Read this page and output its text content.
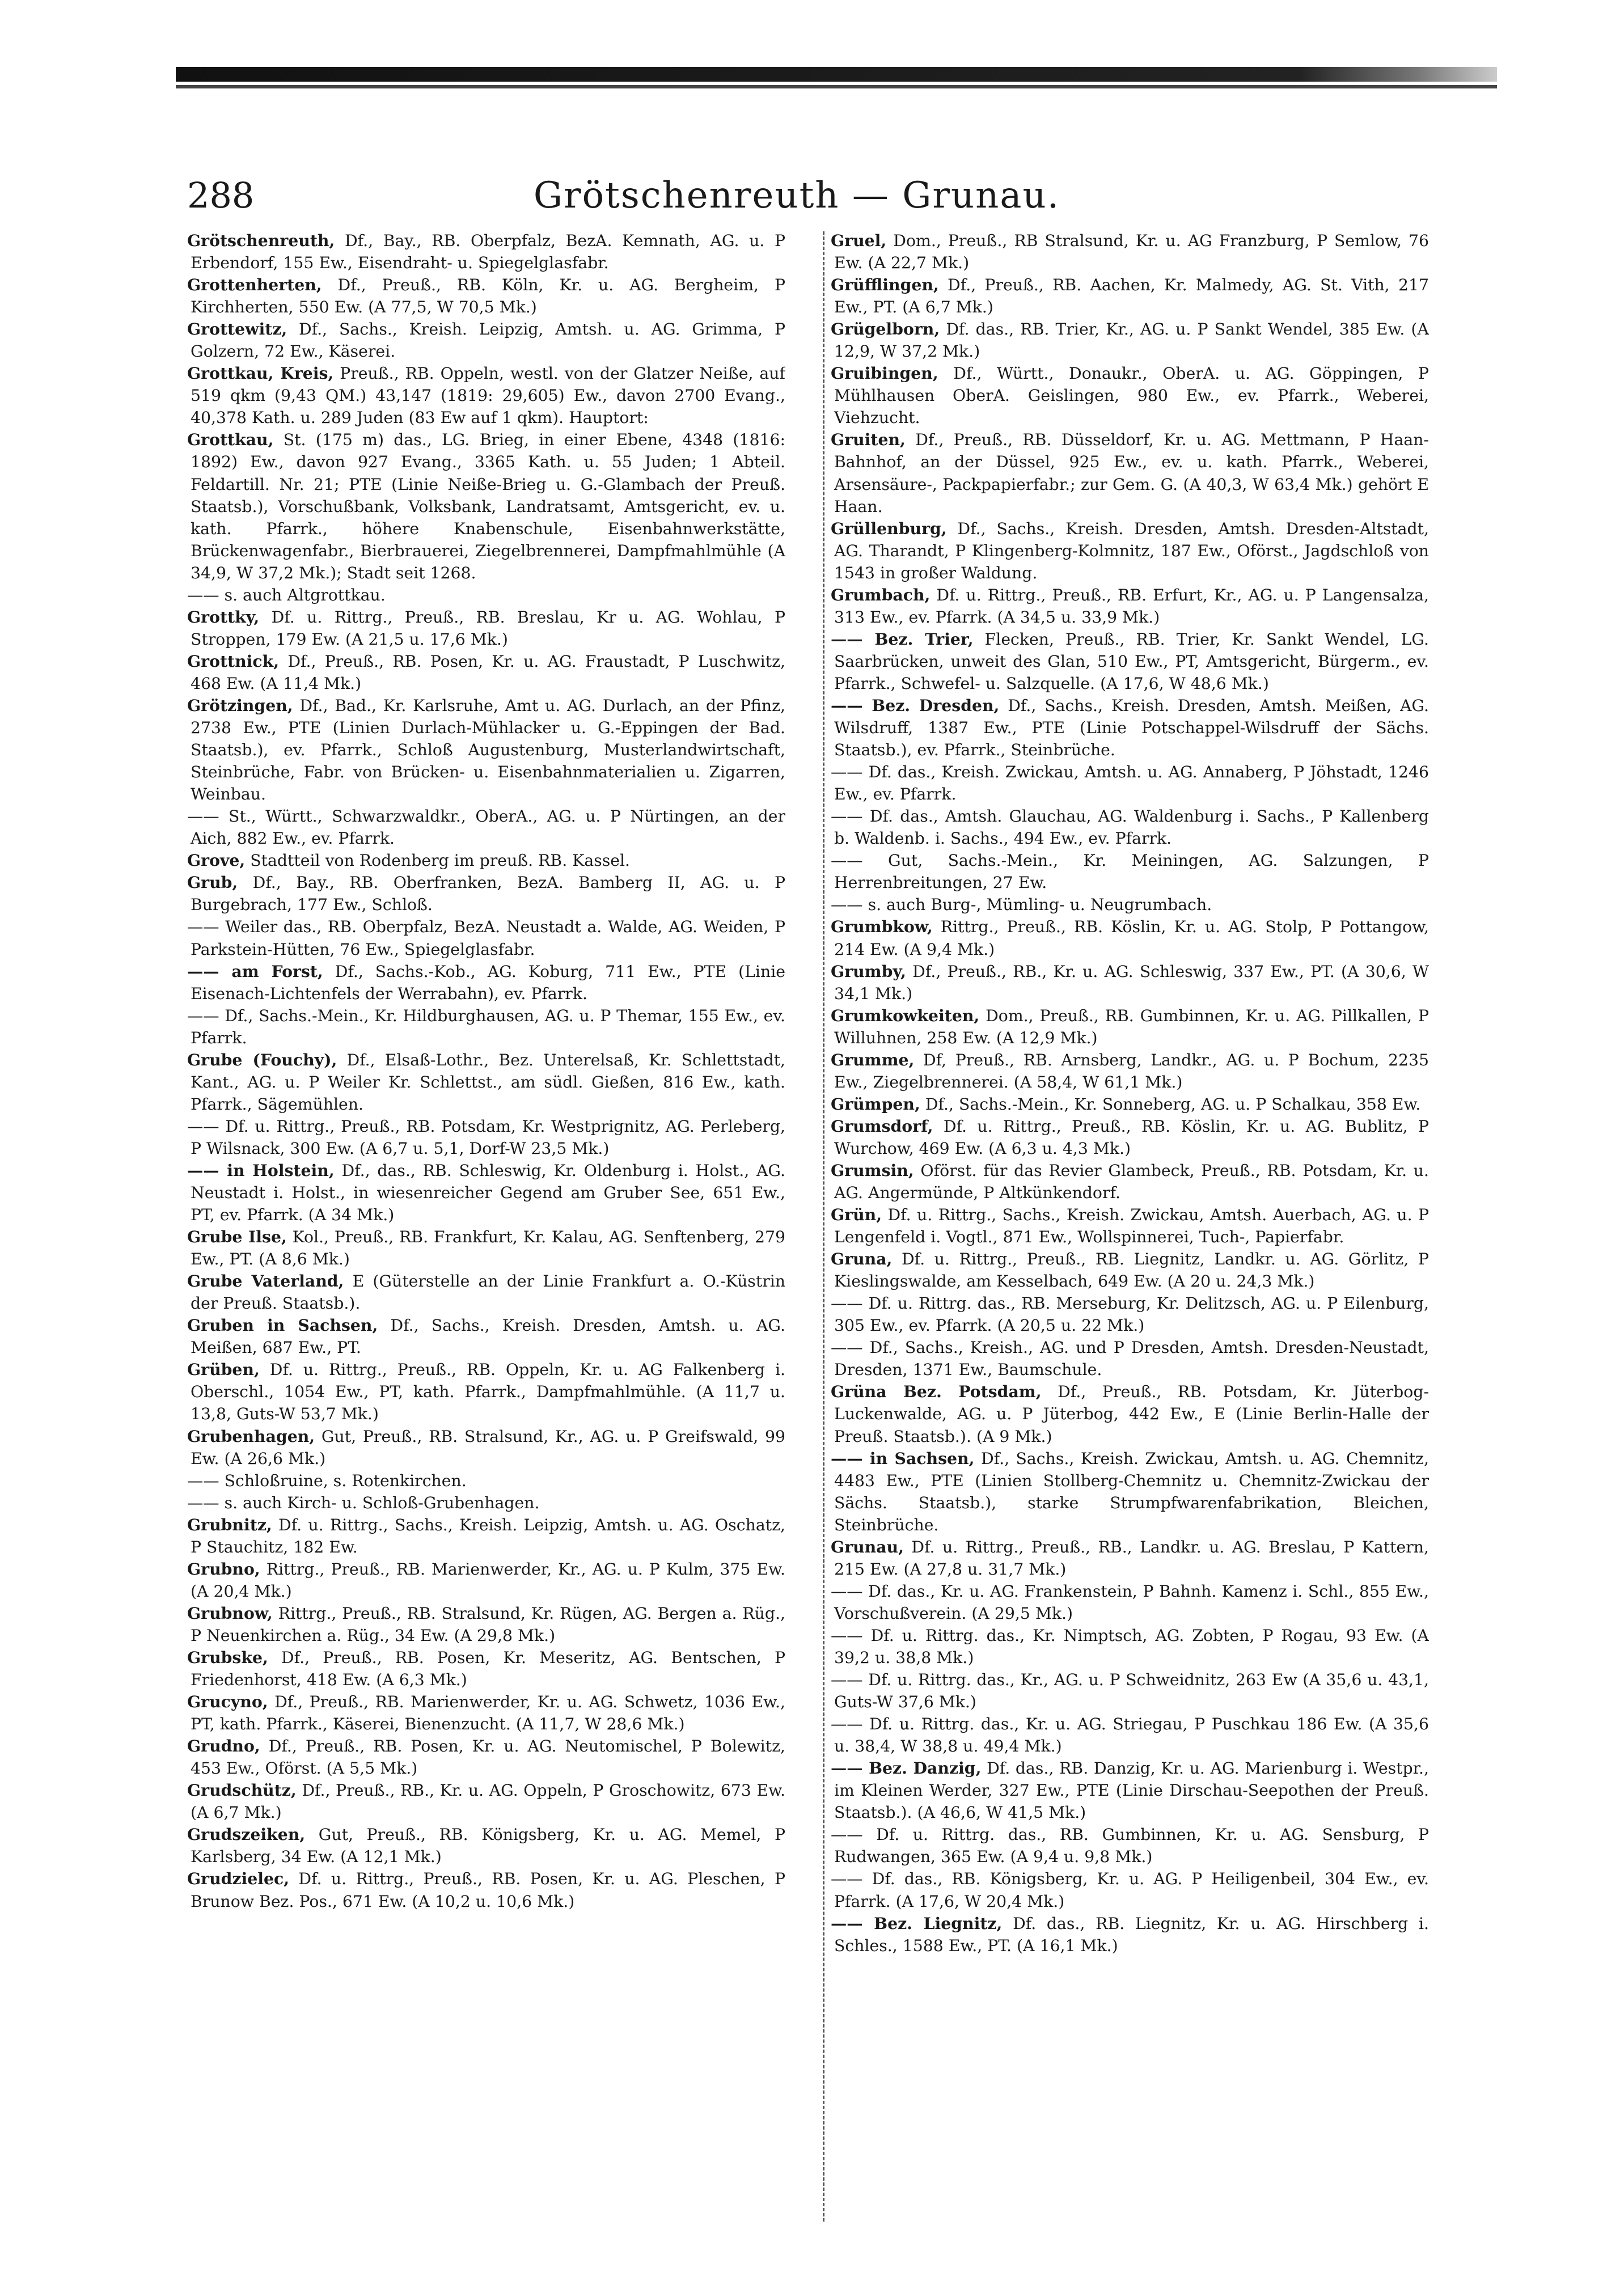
288	Grötschenreuth — Grunau.

Grötschenreuth, Df., Bay., RB. Oberpfalz, BezA. Kemnath, AG. u. P Erbendorf, 155 Ew., Eisendraht- u. Spiegelglasfabr.

Grottenherten, Df., Preuß., RB. Köln, Kr. u. AG. Bergheim, P Kirchherten, 550 Ew. (A 77,5, W 70,5 Mk.)

Grottewitz, Df., Sachs., Kreish. Leipzig, Amtsh. u. AG. Grimma, P Golzern, 72 Ew., Käserei.

Grottkau, Kreis, Preuß., RB. Oppeln, westl. von der Glatzer Neiße, auf 519 qkm (9,43 QM.) 43,147 (1819: 29,605) Ew., davon 2700 Evang., 40,378 Kath. u. 289 Juden (83 Ew auf 1 qkm). Hauptort:

Grottkau, St. (175 m) das., LG. Brieg, in einer Ebene, 4348 (1816: 1892) Ew., davon 927 Evang., 3365 Kath. u. 55 Juden; 1 Abteil. Feldartill. Nr. 21; PTE (Linie Neiße-Brieg u. G.-Glambach der Preuß. Staatsb.), Vorschußbank, Volksbank, Landratsamt, Amtsgericht, ev. u. kath. Pfarrk., höhere Knabenschule, Eisenbahnwerkstätte, Brückenwagenfabr., Bierbrauerei, Ziegelbrennerei, Dampfmahlmühle (A 34,9, W 37,2 Mk.); Stadt seit 1268.

—— s. auch Altgrottkau.

Grottky, Df. u. Rittrg., Preuß., RB. Breslau, Kr u. AG. Wohlau, P Stroppen, 179 Ew. (A 21,5 u. 17,6 Mk.)

Grottnick, Df., Preuß., RB. Posen, Kr. u. AG. Fraustadt, P Luschwitz, 468 Ew. (A 11,4 Mk.)

Grötzingen, Df., Bad., Kr. Karlsruhe, Amt u. AG. Durlach, an der Pfinz, 2738 Ew., PTE (Linien Durlach-Mühlacker u. G.-Eppingen der Bad. Staatsb.), ev. Pfarrk., Schloß Augustenburg, Musterlandwirtschaft, Steinbrüche, Fabr. von Brücken- u. Eisenbahnmaterialien u. Zigarren, Weinbau.

—— St., Württ., Schwarzwaldkr., OberA., AG. u. P Nürtingen, an der Aich, 882 Ew., ev. Pfarrk.

Grove, Stadtteil von Rodenberg im preuß. RB. Kassel.

Grub, Df., Bay., RB. Oberfranken, BezA. Bamberg II, AG. u. P Burgebrach, 177 Ew., Schloß.

—— Weiler das., RB. Oberpfalz, BezA. Neustadt a. Walde, AG. Weiden, P Parkstein-Hütten, 76 Ew., Spiegelglasfabr.

—— am Forst, Df., Sachs.-Kob., AG. Koburg, 711 Ew., PTE (Linie Eisenach-Lichtenfels der Werrabahn), ev. Pfarrk.

—— Df., Sachs.-Mein., Kr. Hildburghausen, AG. u. P Themar, 155 Ew., ev. Pfarrk.

Grube (Fouchy), Df., Elsaß-Lothr., Bez. Unterelsaß, Kr. Schlettstadt, Kant., AG. u. P Weiler Kr. Schlettst., am südl. Gießen, 816 Ew., kath. Pfarrk., Sägemühlen.

—— Df. u. Rittrg., Preuß., RB. Potsdam, Kr. Westprignitz, AG. Perleberg, P Wilsnack, 300 Ew. (A 6,7 u. 5,1, Dorf-W 23,5 Mk.)

—— in Holstein, Df., das., RB. Schleswig, Kr. Oldenburg i. Holst., AG. Neustadt i. Holst., in wiesenreicher Gegend am Gruber See, 651 Ew., PT, ev. Pfarrk. (A 34 Mk.)

Grube Ilse, Kol., Preuß., RB. Frankfurt, Kr. Kalau, AG. Senftenberg, 279 Ew., PT. (A 8,6 Mk.)

Grube Vaterland, E (Güterstelle an der Linie Frankfurt a. O.-Küstrin der Preuß. Staatsb.).

Gruben in Sachsen, Df., Sachs., Kreish. Dresden, Amtsh. u. AG. Meißen, 687 Ew., PT.

Grüben, Df. u. Rittrg., Preuß., RB. Oppeln, Kr. u. AG Falkenberg i. Oberschl., 1054 Ew., PT, kath. Pfarrk., Dampfmahlmühle. (A 11,7 u. 13,8, Guts-W 53,7 Mk.)

Grubenhagen, Gut, Preuß., RB. Stralsund, Kr., AG. u. P Greifswald, 99 Ew. (A 26,6 Mk.)

—— Schloßruine, s. Rotenkirchen.

—— s. auch Kirch- u. Schloß-Grubenhagen.

Grubnitz, Df. u. Rittrg., Sachs., Kreish. Leipzig, Amtsh. u. AG. Oschatz, P Stauchitz, 182 Ew.

Grubno, Rittrg., Preuß., RB. Marienwerder, Kr., AG. u. P Kulm, 375 Ew. (A 20,4 Mk.)

Grubnow, Rittrg., Preuß., RB. Stralsund, Kr. Rügen, AG. Bergen a. Rüg., P Neuenkirchen a. Rüg., 34 Ew. (A 29,8 Mk.)

Grubske, Df., Preuß., RB. Posen, Kr. Meseritz, AG. Bentschen, P Friedenhorst, 418 Ew. (A 6,3 Mk.)

Grucyno, Df., Preuß., RB. Marienwerder, Kr. u. AG. Schwetz, 1036 Ew., PT, kath. Pfarrk., Käserei, Bienenzucht. (A 11,7, W 28,6 Mk.)

Grudno, Df., Preuß., RB. Posen, Kr. u. AG. Neutomischel, P Bolewitz, 453 Ew., Oförst. (A 5,5 Mk.)

Grudschütz, Df., Preuß., RB., Kr. u. AG. Oppeln, P Groschowitz, 673 Ew. (A 6,7 Mk.)

Grudszeiken, Gut, Preuß., RB. Königsberg, Kr. u. AG. Memel, P Karlsberg, 34 Ew. (A 12,1 Mk.)

Grudzielec, Df. u. Rittrg., Preuß., RB. Posen, Kr. u. AG. Pleschen, P Brunow Bez. Pos., 671 Ew. (A 10,2 u. 10,6 Mk.)

Gruel, Dom., Preuß., RB Stralsund, Kr. u. AG Franzburg, P Semlow, 76 Ew. (A 22,7 Mk.)

Grüfflingen, Df., Preuß., RB. Aachen, Kr. Malmedy, AG. St. Vith, 217 Ew., PT. (A 6,7 Mk.)

Grügelborn, Df. das., RB. Trier, Kr., AG. u. P Sankt Wendel, 385 Ew. (A 12,9, W 37,2 Mk.)

Gruibingen, Df., Württ., Donaukr., OberA. u. AG. Göppingen, P Mühlhausen OberA. Geislingen, 980 Ew., ev. Pfarrk., Weberei, Viehzucht.

Gruiten, Df., Preuß., RB. Düsseldorf, Kr. u. AG. Mettmann, P Haan-Bahnhof, an der Düssel, 925 Ew., ev. u. kath. Pfarrk., Weberei, Arsensäure-, Packpapierfabr.; zur Gem. G. (A 40,3, W 63,4 Mk.) gehört E Haan.

Grüllenburg, Df., Sachs., Kreish. Dresden, Amtsh. Dresden-Altstadt, AG. Tharandt, P Klingenberg-Kolmnitz, 187 Ew., Oförst., Jagdschloß von 1543 in großer Waldung.

Grumbach, Df. u. Rittrg., Preuß., RB. Erfurt, Kr., AG. u. P Langensalza, 313 Ew., ev. Pfarrk. (A 34,5 u. 33,9 Mk.)

—— Bez. Trier, Flecken, Preuß., RB. Trier, Kr. Sankt Wendel, LG. Saarbrücken, unweit des Glan, 510 Ew., PT, Amtsgericht, Bürgerm., ev. Pfarrk., Schwefel- u. Salzquelle. (A 17,6, W 48,6 Mk.)

—— Bez. Dresden, Df., Sachs., Kreish. Dresden, Amtsh. Meißen, AG. Wilsdruff, 1387 Ew., PTE (Linie Potschappel-Wilsdruff der Sächs. Staatsb.), ev. Pfarrk., Steinbrüche.

—— Df. das., Kreish. Zwickau, Amtsh. u. AG. Annaberg, P Jöhstadt, 1246 Ew., ev. Pfarrk.

—— Df. das., Amtsh. Glauchau, AG. Waldenburg i. Sachs., P Kallenberg b. Waldenb. i. Sachs., 494 Ew., ev. Pfarrk.

—— Gut, Sachs.-Mein., Kr. Meiningen, AG. Salzungen, P Herrenbreitungen, 27 Ew.

—— s. auch Burg-, Mümling- u. Neugrumbach.

Grumbkow, Rittrg., Preuß., RB. Köslin, Kr. u. AG. Stolp, P Pottangow, 214 Ew. (A 9,4 Mk.)

Grumby, Df., Preuß., RB., Kr. u. AG. Schleswig, 337 Ew., PT. (A 30,6, W 34,1 Mk.)

Grumkowkeiten, Dom., Preuß., RB. Gumbinnen, Kr. u. AG. Pillkallen, P Willuhnen, 258 Ew. (A 12,9 Mk.)

Grumme, Df, Preuß., RB. Arnsberg, Landkr., AG. u. P Bochum, 2235 Ew., Ziegelbrennerei. (A 58,4, W 61,1 Mk.)

Grümpen, Df., Sachs.-Mein., Kr. Sonneberg, AG. u. P Schalkau, 358 Ew.

Grumsdorf, Df. u. Rittrg., Preuß., RB. Köslin, Kr. u. AG. Bublitz, P Wurchow, 469 Ew. (A 6,3 u. 4,3 Mk.)

Grumsin, Oförst. für das Revier Glambeck, Preuß., RB. Potsdam, Kr. u. AG. Angermünde, P Altkünkendorf.

Grün, Df. u. Rittrg., Sachs., Kreish. Zwickau, Amtsh. Auerbach, AG. u. P Lengenfeld i. Vogtl., 871 Ew., Wollspinnerei, Tuch-, Papierfabr.

Gruna, Df. u. Rittrg., Preuß., RB. Liegnitz, Landkr. u. AG. Görlitz, P Kieslingswalde, am Kesselbach, 649 Ew. (A 20 u. 24,3 Mk.)

—— Df. u. Rittrg. das., RB. Merseburg, Kr. Delitzsch, AG. u. P Eilenburg, 305 Ew., ev. Pfarrk. (A 20,5 u. 22 Mk.)

—— Df., Sachs., Kreish., AG. und P Dresden, Amtsh. Dresden-Neustadt, Dresden, 1371 Ew., Baumschule.

Grüna Bez. Potsdam, Df., Preuß., RB. Potsdam, Kr. Jüterbog-Luckenwalde, AG. u. P Jüterbog, 442 Ew., E (Linie Berlin-Halle der Preuß. Staatsb.). (A 9 Mk.)

—— in Sachsen, Df., Sachs., Kreish. Zwickau, Amtsh. u. AG. Chemnitz, 4483 Ew., PTE (Linien Stollberg-Chemnitz u. Chemnitz-Zwickau der Sächs. Staatsb.), starke Strumpfwarenfabrikation, Bleichen, Steinbrüche.

Grunau, Df. u. Rittrg., Preuß., RB., Landkr. u. AG. Breslau, P Kattern, 215 Ew. (A 27,8 u. 31,7 Mk.)

—— Df. das., Kr. u. AG. Frankenstein, P Bahnh. Kamenz i. Schl., 855 Ew., Vorschußverein. (A 29,5 Mk.)

—— Df. u. Rittrg. das., Kr. Nimptsch, AG. Zobten, P Rogau, 93 Ew. (A 39,2 u. 38,8 Mk.)

—— Df. u. Rittrg. das., Kr., AG. u. P Schweidnitz, 263 Ew (A 35,6 u. 43,1, Guts-W 37,6 Mk.)

—— Df. u. Rittrg. das., Kr. u. AG. Striegau, P Puschkau 186 Ew. (A 35,6 u. 38,4, W 38,8 u. 49,4 Mk.)

—— Bez. Danzig, Df. das., RB. Danzig, Kr. u. AG. Marienburg i. Westpr., im Kleinen Werder, 327 Ew., PTE (Linie Dirschau-Seepothen der Preuß. Staatsb.). (A 46,6, W 41,5 Mk.)

—— Df. u. Rittrg. das., RB. Gumbinnen, Kr. u. AG. Sensburg, P Rudwangen, 365 Ew. (A 9,4 u. 9,8 Mk.)

—— Df. das., RB. Königsberg, Kr. u. AG. P Heiligenbeil, 304 Ew., ev. Pfarrk. (A 17,6, W 20,4 Mk.)

—— Bez. Liegnitz, Df. das., RB. Liegnitz, Kr. u. AG. Hirschberg i. Schles., 1588 Ew., PT. (A 16,1 Mk.)
